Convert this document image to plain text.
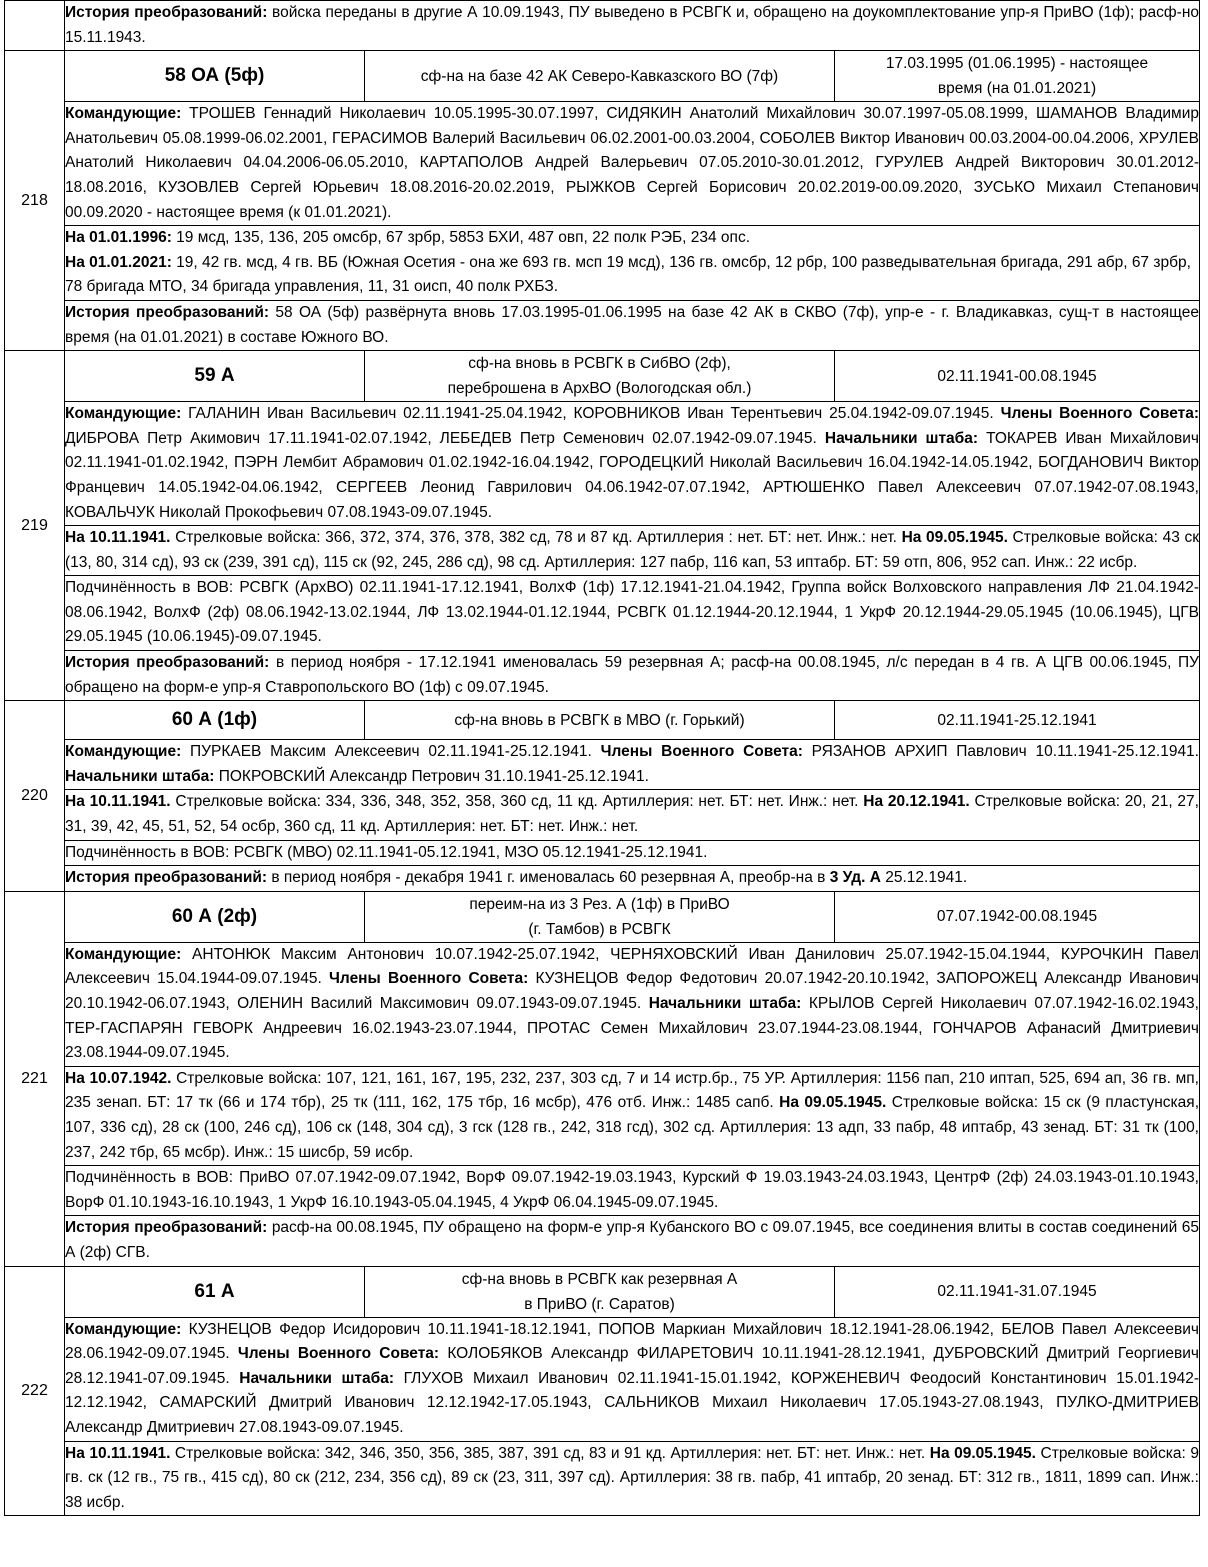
	История преобразований: войска переданы в другие А 10.09.1943, ПУ выведено в РСВГК и, обращено на доукомплектование упр-я ПриВО (1ф); расф-но 15.11.1943.		
218	58 ОА (5ф)	сф-на на базе 42 АК Северо-Кавказского ВО (7ф)	17.03.1995 (01.06.1995) - настоящее
время (на 01.01.2021)
	Командующие: ТРОШЕВ Геннадий Николаевич 10.05.1995-30.07.1997, СИДЯКИН Анатолий Михайлович 30.07.1997-05.08.1999, ШАМАНОВ Владимир Анатольевич 05.08.1999-06.02.2001, ГЕРАСИМОВ Валерий Васильевич 06.02.2001-00.03.2004, СОБОЛЕВ Виктор Иванович 00.03.2004-00.04.2006, ХРУЛЕВ Анатолий Николаевич 04.04.2006-06.05.2010, КАРТАПОЛОВ Андрей Валерьевич 07.05.2010-30.01.2012, ГУРУЛЕВ Андрей Викторович 30.01.2012-18.08.2016, КУЗОВЛЕВ Сергей Юрьевич 18.08.2016-20.02.2019, РЫЖКОВ Сергей Борисович 20.02.2019-00.09.2020, ЗУСЬКО Михаил Степанович 00.09.2020 - настоящее время (к 01.01.2021).		
	На 01.01.1996: 19 мсд, 135, 136, 205 омсбр, 67 зрбр, 5853 БХИ, 487 овп, 22 полк РЭБ, 234 опс.
На 01.01.2021: 19, 42 гв. мсд, 4 гв. ВБ (Южная Осетия - она же 693 гв. мсп 19 мсд), 136 гв. омсбр, 12 рбр, 100 разведывательная бригада, 291 абр, 67 зрбр, 78 бригада МТО, 34 бригада управления, 11, 31 оисп, 40 полк РХБЗ.		
	История преобразований: 58 ОА (5ф) развёрнута вновь 17.03.1995-01.06.1995 на базе 42 АК в СКВО (7ф), упр-е - г. Владикавказ, сущ-т в настоящее время (на 01.01.2021) в составе Южного ВО.		
219	59 А	сф-на вновь в РСВГК в СибВО (2ф),
переброшена в АрхВО (Вологодская обл.)	02.11.1941-00.08.1945
	Командующие: ГАЛАНИН Иван Васильевич 02.11.1941-25.04.1942, КОРОВНИКОВ Иван Терентьевич 25.04.1942-09.07.1945. Члены Военного Совета: ДИБРОВА Петр Акимович 17.11.1941-02.07.1942, ЛЕБЕДЕВ Петр Семенович 02.07.1942-09.07.1945. Начальники штаба: ТОКАРЕВ Иван Михайлович 02.11.1941-01.02.1942, ПЭРН Лембит Абрамович 01.02.1942-16.04.1942, ГОРОДЕЦКИЙ Николай Васильевич 16.04.1942-14.05.1942, БОГДАНОВИЧ Виктор Францевич 14.05.1942-04.06.1942, СЕРГЕЕВ Леонид Гаврилович 04.06.1942-07.07.1942, АРТЮШЕНКО Павел Алексеевич 07.07.1942-07.08.1943, КОВАЛЬЧУК Николай Прокофьевич 07.08.1943-09.07.1945.		
	На 10.11.1941. Стрелковые войска: 366, 372, 374, 376, 378, 382 сд, 78 и 87 кд. Артиллерия : нет. БТ: нет. Инж.: нет. На 09.05.1945. Стрелковые войска: 43 ск (13, 80, 314 сд), 93 ск (239, 391 сд), 115 ск (92, 245, 286 сд), 98 сд. Артиллерия: 127 пабр, 116 кап, 53 иптабр. БТ: 59 отп, 806, 952 сап. Инж.: 22 исбр.		
	Подчинённость в ВОВ: РСВГК (АрхВО) 02.11.1941-17.12.1941, ВолхФ (1ф) 17.12.1941-21.04.1942, Группа войск Волховского направления ЛФ 21.04.1942-08.06.1942, ВолхФ (2ф) 08.06.1942-13.02.1944, ЛФ 13.02.1944-01.12.1944, РСВГК 01.12.1944-20.12.1944, 1 УкрФ 20.12.1944-29.05.1945 (10.06.1945), ЦГВ 29.05.1945 (10.06.1945)-09.07.1945.		
	История преобразований: в период ноября - 17.12.1941 именовалась 59 резервная А; расф-на 00.08.1945, л/с передан в 4 гв. А ЦГВ 00.06.1945, ПУ обращено на форм-е упр-я Ставропольского ВО (1ф) с 09.07.1945.		
220	60 А (1ф)	сф-на вновь в РСВГК в МВО (г. Горький)	02.11.1941-25.12.1941
	Командующие: ПУРКАЕВ Максим Алексеевич 02.11.1941-25.12.1941. Члены Военного Совета: РЯЗАНОВ АРХИП Павлович 10.11.1941-25.12.1941. Начальники штаба: ПОКРОВСКИЙ Александр Петрович 31.10.1941-25.12.1941.		
	На 10.11.1941. Стрелковые войска: 334, 336, 348, 352, 358, 360 сд, 11 кд. Артиллерия: нет. БТ: нет. Инж.: нет. На 20.12.1941. Стрелковые войска: 20, 21, 27, 31, 39, 42, 45, 51, 52, 54 осбр, 360 сд, 11 кд. Артиллерия: нет. БТ: нет. Инж.: нет.		
	Подчинённость в ВОВ: РСВГК (МВО) 02.11.1941-05.12.1941, МЗО 05.12.1941-25.12.1941.		
	История преобразований: в период ноября - декабря 1941 г. именовалась 60 резервная А, преобр-на в 3 Уд. А 25.12.1941.		
221	60 А (2ф)	переим-на из 3 Рез. А (1ф) в ПриВО
(г. Тамбов) в РСВГК	07.07.1942-00.08.1945
	Командующие: АНТОНЮК Максим Антонович 10.07.1942-25.07.1942, ЧЕРНЯХОВСКИЙ Иван Данилович 25.07.1942-15.04.1944, КУРОЧКИН Павел Алексеевич 15.04.1944-09.07.1945. Члены Военного Совета: КУЗНЕЦОВ Федор Федотович 20.07.1942-20.10.1942, ЗАПОРОЖЕЦ Александр Иванович 20.10.1942-06.07.1943, ОЛЕНИН Василий Максимович 09.07.1943-09.07.1945. Начальники штаба: КРЫЛОВ Сергей Николаевич 07.07.1942-16.02.1943, ТЕР-ГАСПАРЯН ГЕВОРК Андреевич 16.02.1943-23.07.1944, ПРОТАС Семен Михайлович 23.07.1944-23.08.1944, ГОНЧАРОВ Афанасий Дмитриевич 23.08.1944-09.07.1945.		
	На 10.07.1942. Стрелковые войска: 107, 121, 161, 167, 195, 232, 237, 303 сд, 7 и 14 истр.бр., 75 УР. Артиллерия: 1156 пап, 210 иптап, 525, 694 ап, 36 гв. мп, 235 зенап. БТ: 17 тк (66 и 174 тбр), 25 тк (111, 162, 175 тбр, 16 мсбр), 476 отб. Инж.: 1485 сапб. На 09.05.1945. Стрелковые войска: 15 ск (9 пластунская, 107, 336 сд), 28 ск (100, 246 сд), 106 ск (148, 304 сд), 3 гск (128 гв., 242, 318 гсд), 302 сд. Артиллерия: 13 адп, 33 пабр, 48 иптабр, 43 зенад. БТ: 31 тк (100, 237, 242 тбр, 65 мсбр). Инж.: 15 шисбр, 59 исбр.		
	Подчинённость в ВОВ: ПриВО 07.07.1942-09.07.1942, ВорФ 09.07.1942-19.03.1943, Курский Ф 19.03.1943-24.03.1943, ЦентрФ (2ф) 24.03.1943-01.10.1943, ВорФ 01.10.1943-16.10.1943, 1 УкрФ 16.10.1943-05.04.1945, 4 УкрФ 06.04.1945-09.07.1945.		
	История преобразований: расф-на 00.08.1945, ПУ обращено на форм-е упр-я Кубанского ВО с 09.07.1945, все соединения влиты в состав соединений 65 А (2ф) СГВ.		
222	61 А	сф-на вновь в РСВГК как резервная А
в ПриВО (г. Саратов)	02.11.1941-31.07.1945
	Командующие: КУЗНЕЦОВ Федор Исидорович 10.11.1941-18.12.1941, ПОПОВ Маркиан Михайлович 18.12.1941-28.06.1942, БЕЛОВ Павел Алексеевич 28.06.1942-09.07.1945. Члены Военного Совета: КОЛОБЯКОВ Александр ФИЛАРЕТОВИЧ 10.11.1941-28.12.1941, ДУБРОВСКИЙ Дмитрий Георгиевич 28.12.1941-07.09.1945. Начальники штаба: ГЛУХОВ Михаил Иванович 02.11.1941-15.01.1942, КОРЖЕНЕВИЧ Феодосий Константинович 15.01.1942-12.12.1942, САМАРСКИЙ Дмитрий Иванович 12.12.1942-17.05.1943, САЛЬНИКОВ Михаил Николаевич 17.05.1943-27.08.1943, ПУЛКО-ДМИТРИЕВ Александр Дмитриевич 27.08.1943-09.07.1945.		
	На 10.11.1941. Стрелковые войска: 342, 346, 350, 356, 385, 387, 391 сд, 83 и 91 кд. Артиллерия: нет. БТ: нет. Инж.: нет. На 09.05.1945. Стрелковые войска: 9 гв. ск (12 гв., 75 гв., 415 сд), 80 ск (212, 234, 356 сд), 89 ск (23, 311, 397 сд). Артиллерия: 38 гв. пабр, 41 иптабр, 20 зенад. БТ: 312 гв., 1811, 1899 сап. Инж.: 38 исбр.		
